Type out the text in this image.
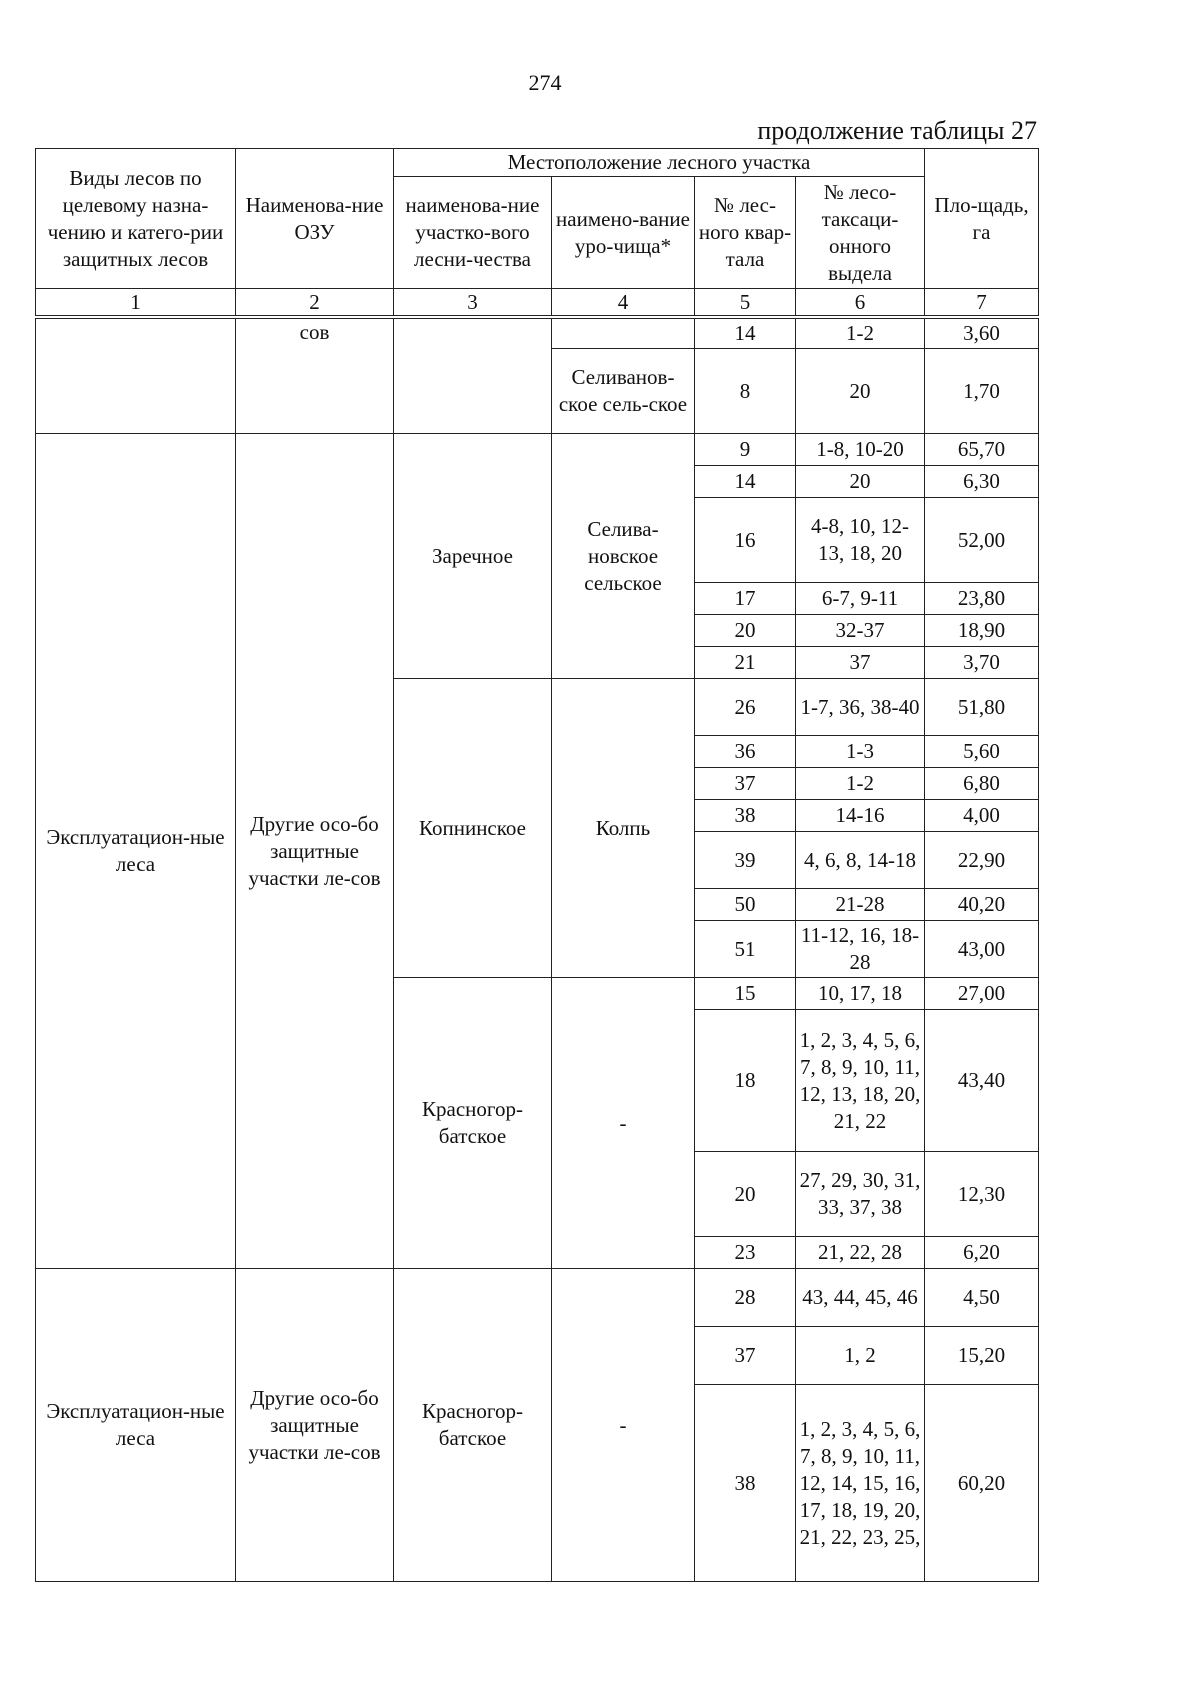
274
продолжение таблицы 27
Виды лесов по целевому назна-чению и катего-рии защитных лесов	Наименова-ние ОЗУ	Местоположение лесного участка				Пло-щадь, га
		наименова-ние участко-вого лесни-чества	наимено-вание уро-чища*	№ лес-ного квар-тала	№ лесо-таксаци-онного выдела	
1	2	3	4	5	6	7
	сов			14	1-2	3,60
			Селиванов-ское сель-ское	8	20	1,70
Эксплуатацион-ные леса	Другие осо-бо защитные участки ле-сов	Заречное	Селива-новское сельское	9	1-8, 10-20	65,70
				14	20	6,30
				16	4-8, 10, 12-13, 18, 20	52,00
				17	6-7, 9-11	23,80
				20	32-37	18,90
				21	37	3,70
		Копнинское	Колпь	26	1-7, 36, 38-40	51,80
				36	1-3	5,60
				37	1-2	6,80
				38	14-16	4,00
				39	4, 6, 8, 14-18	22,90
				50	21-28	40,20
				51	11-12, 16, 18-28	43,00
		Красногор-батское	-	15	10, 17, 18	27,00
				18	1, 2, 3, 4, 5, 6, 7, 8, 9, 10, 11, 12, 13, 18, 20, 21, 22	43,40
				20	27, 29, 30, 31, 33, 37, 38	12,30
				23	21, 22, 28	6,20
Эксплуатацион-ные леса	Другие осо-бо защитные участки ле-сов	Красногор-батское	-	28	43, 44, 45, 46	4,50
				37	1, 2	15,20
				38	1, 2, 3, 4, 5, 6, 7, 8, 9, 10, 11, 12, 14, 15, 16, 17, 18, 19, 20, 21, 22, 23, 25,	60,20
